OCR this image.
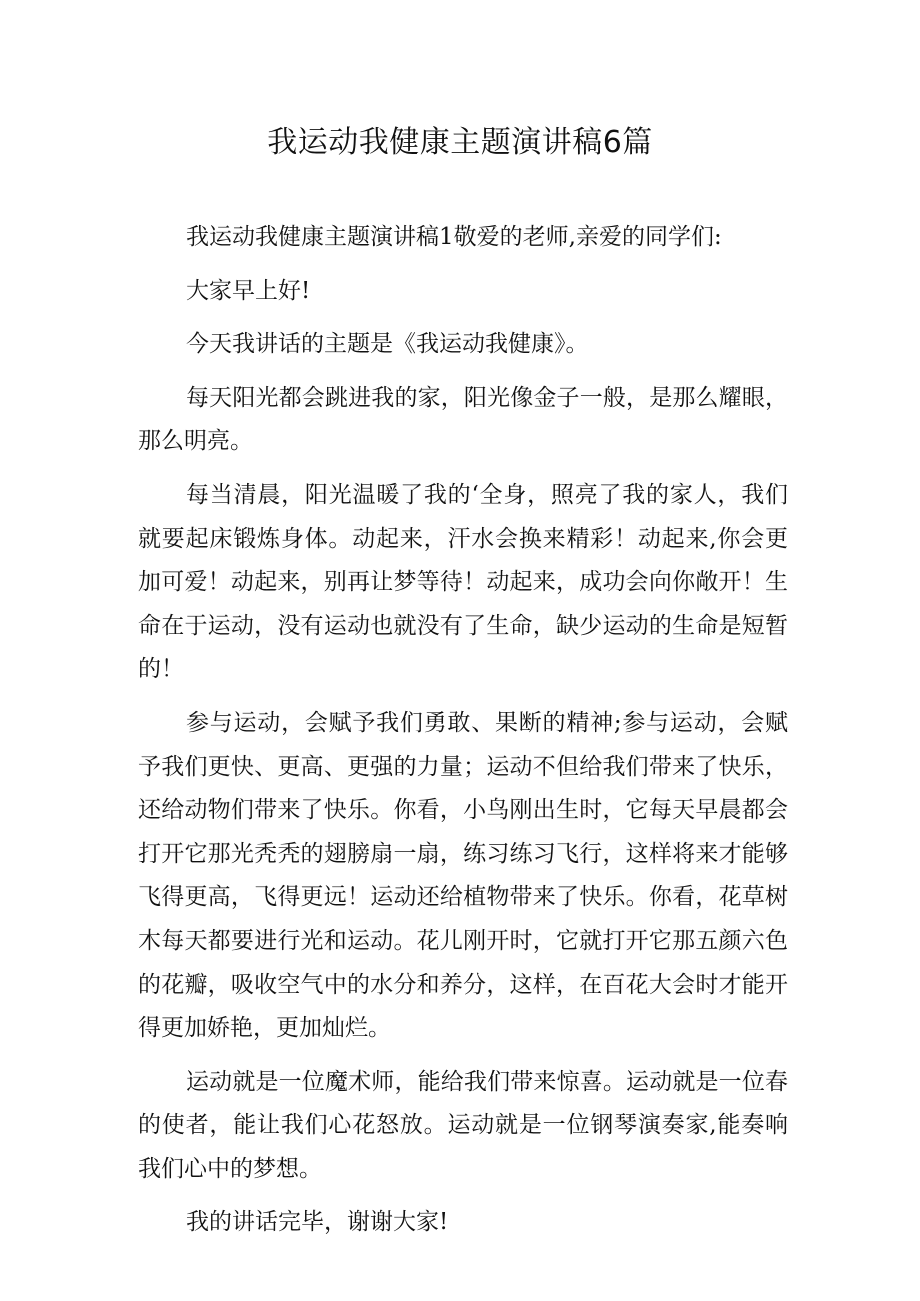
我运动我健康主题演讲稿6篇

我运动我健康主题演讲稿1敬爱的老师,亲爱的同学们:

大家早上好!

今天我讲话的主题是《我运动我健康》。

每天阳光都会跳进我的家，阳光像金子一般，是那么耀眼，那么明亮。

每当清晨，阳光温暖了我的‘全身，照亮了我的家人，我们就要起床锻炼身体。动起来，汗水会换来精彩！动起来,你会更加可爱！动起来，别再让梦等待！动起来，成功会向你敞开！生命在于运动，没有运动也就没有了生命，缺少运动的生命是短暂的！

参与运动，会赋予我们勇敢、果断的精神;参与运动，会赋予我们更快、更高、更强的力量；运动不但给我们带来了快乐，还给动物们带来了快乐。你看，小鸟刚出生时，它每天早晨都会打开它那光秃秃的翅膀扇一扇，练习练习飞行，这样将来才能够飞得更高，飞得更远！运动还给植物带来了快乐。你看，花草树木每天都要进行光和运动。花儿刚开时，它就打开它那五颜六色的花瓣，吸收空气中的水分和养分，这样，在百花大会时才能开得更加娇艳，更加灿烂。

运动就是一位魔术师，能给我们带来惊喜。运动就是一位春的使者，能让我们心花怒放。运动就是一位钢琴演奏家,能奏响我们心中的梦想。

我的讲话完毕，谢谢大家!
